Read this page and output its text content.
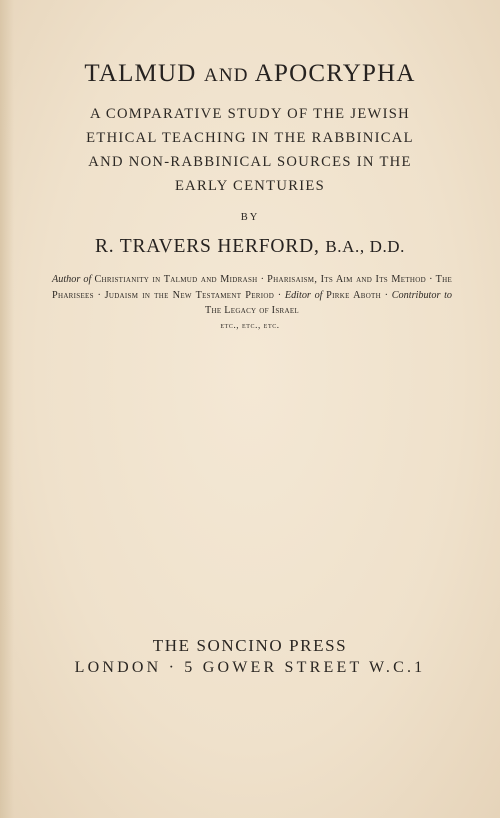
TALMUD AND APOCRYPHA
A COMPARATIVE STUDY OF THE JEWISH
ETHICAL TEACHING IN THE RABBINICAL
AND NON-RABBINICAL SOURCES IN THE
EARLY CENTURIES
BY
R. TRAVERS HERFORD, B.A., D.D.
Author of Christianity in Talmud and Midrash · Pharisaism, Its Aim and Its Method · The Pharisees · Judaism in the New Testament Period · Editor of Pirke Aboth · Contributor to The Legacy of Israel
etc., etc., etc.
THE SONCINO PRESS
LONDON · 5 GOWER STREET W.C.1
